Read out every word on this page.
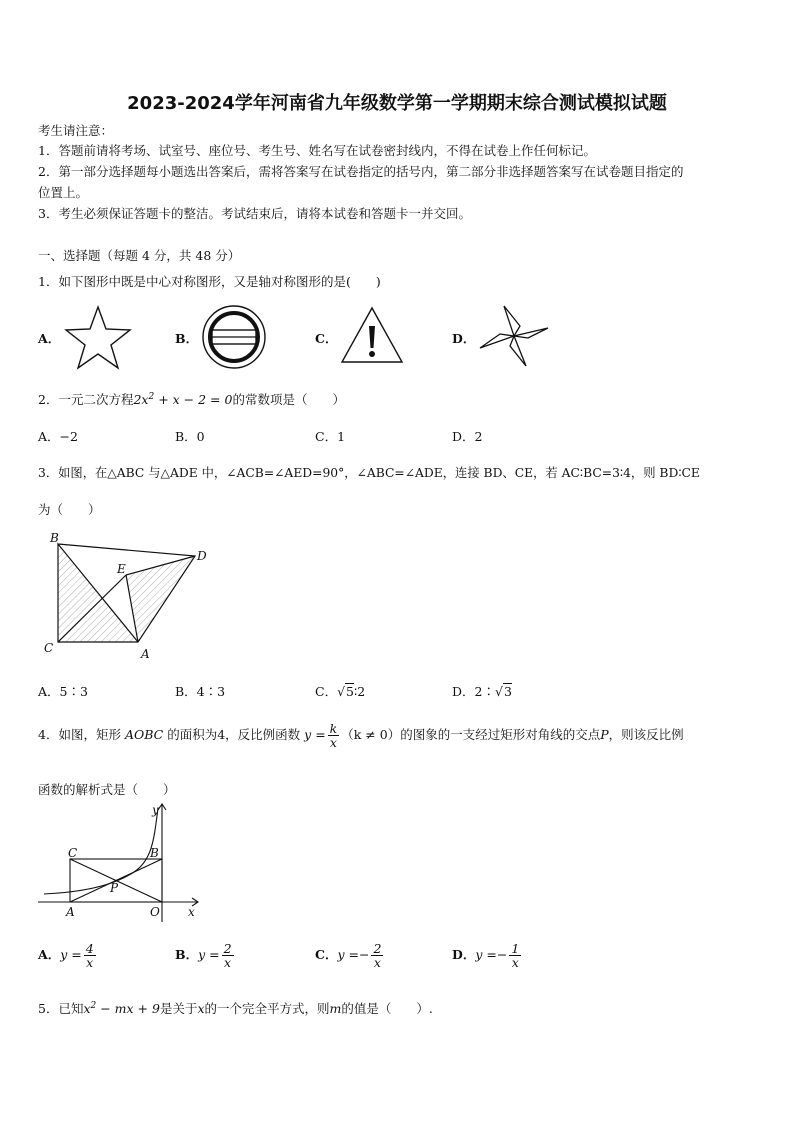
2023-2024学年河南省九年级数学第一学期期末综合测试模拟试题
考生请注意：
1．答题前请将考场、试室号、座位号、考生号、姓名写在试卷密封线内，不得在试卷上作任何标记。
2．第一部分选择题每小题选出答案后，需将答案写在试卷指定的括号内，第二部分非选择题答案写在试卷题目指定的
位置上。
3．考生必须保证答题卡的整洁。考试结束后，请将本试卷和答题卡一并交回。
一、选择题（每题 4 分，共 48 分）
1．如下图形中既是中心对称图形，又是轴对称图形的是(　　)
A．	B．	C．	D．
2．一元二次方程$2x^2 + x - 2 = 0$的常数项是（　　）
A．−2	B．0	C．1	D．2
3．如图，在△ABC 与△ADE 中，∠ACB=∠AED=90°，∠ABC=∠ADE，连接 BD、CE，若 AC∶BC=3∶4，则 BD∶CE
为（　　）
B
D
E
C	A
A．5∶3	B．4∶3	C．√5∶2	D．2∶√3
4．如图，矩形 AOBC 的面积为4，反比例函数 $y = \frac{k}{x} (k \ne 0)$的图象的一支经过矩形对角线的交点P，则该反比例
函数的解析式是（　　）
y
x
C	B
P
A	O
A．$y = \frac{4}{x}$	B．$y = \frac{2}{x}$	C．$y =- \frac{2}{x}$	D．$y =- \frac{1}{x}$
5．已知$x^2$ − mx + 9是关于x的一个完全平方式，则m的值是（　　）.
